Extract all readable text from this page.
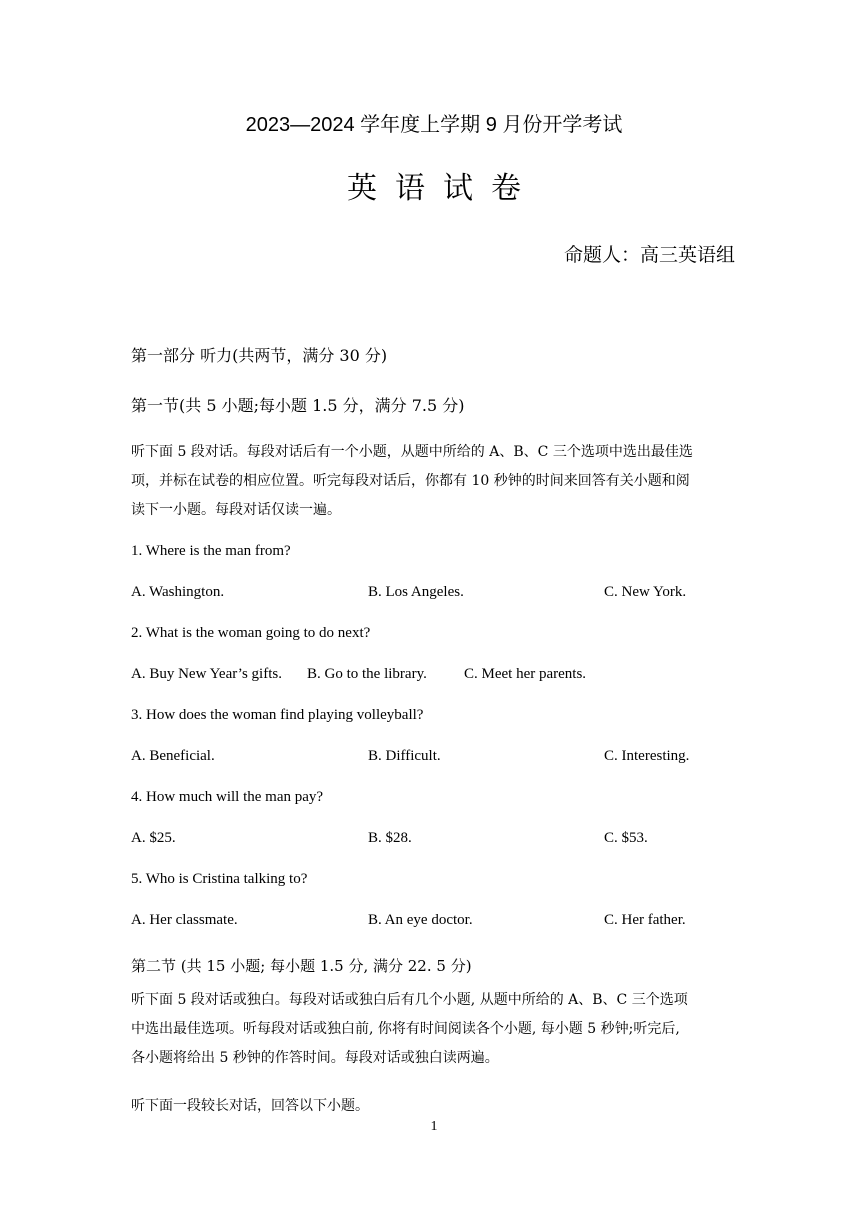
2023—2024 学年度上学期 9 月份开学考试
英语试卷
命题人：高三英语组
第一部分 听力(共两节，满分 30 分)
第一节(共 5 小题;每小题 1.5 分，满分 7.5 分)
听下面 5 段对话。每段对话后有一个小题，从题中所给的 A、B、C 三个选项中选出最佳选
项，并标在试卷的相应位置。听完每段对话后，你都有 10 秒钟的时间来回答有关小题和阅
读下一小题。每段对话仅读一遍。
1. Where is the man from?
A. Washington.	B. Los Angeles.	C. New York.
2. What is the woman going to do next?
A. Buy New Year’s gifts. B. Go to the library. C. Meet her parents.
3. How does the woman find playing volleyball?
A. Beneficial.	B. Difficult.	C. Interesting.
4. How much will the man pay?
A. $25.	B. $28.	C. $53.
5. Who is Cristina talking to?
A. Her classmate.	B. An eye doctor.	C. Her father.
第二节 (共 15 小题; 每小题 1.5 分, 满分 22. 5 分)
听下面 5 段对话或独白。每段对话或独白后有几个小题, 从题中所给的 A、B、C 三个选项
中选出最佳选项。听每段对话或独白前, 你将有时间阅读各个小题, 每小题 5 秒钟;听完后,
各小题将给出 5 秒钟的作答时间。每段对话或独白读两遍。
听下面一段较长对话，回答以下小题。
1
